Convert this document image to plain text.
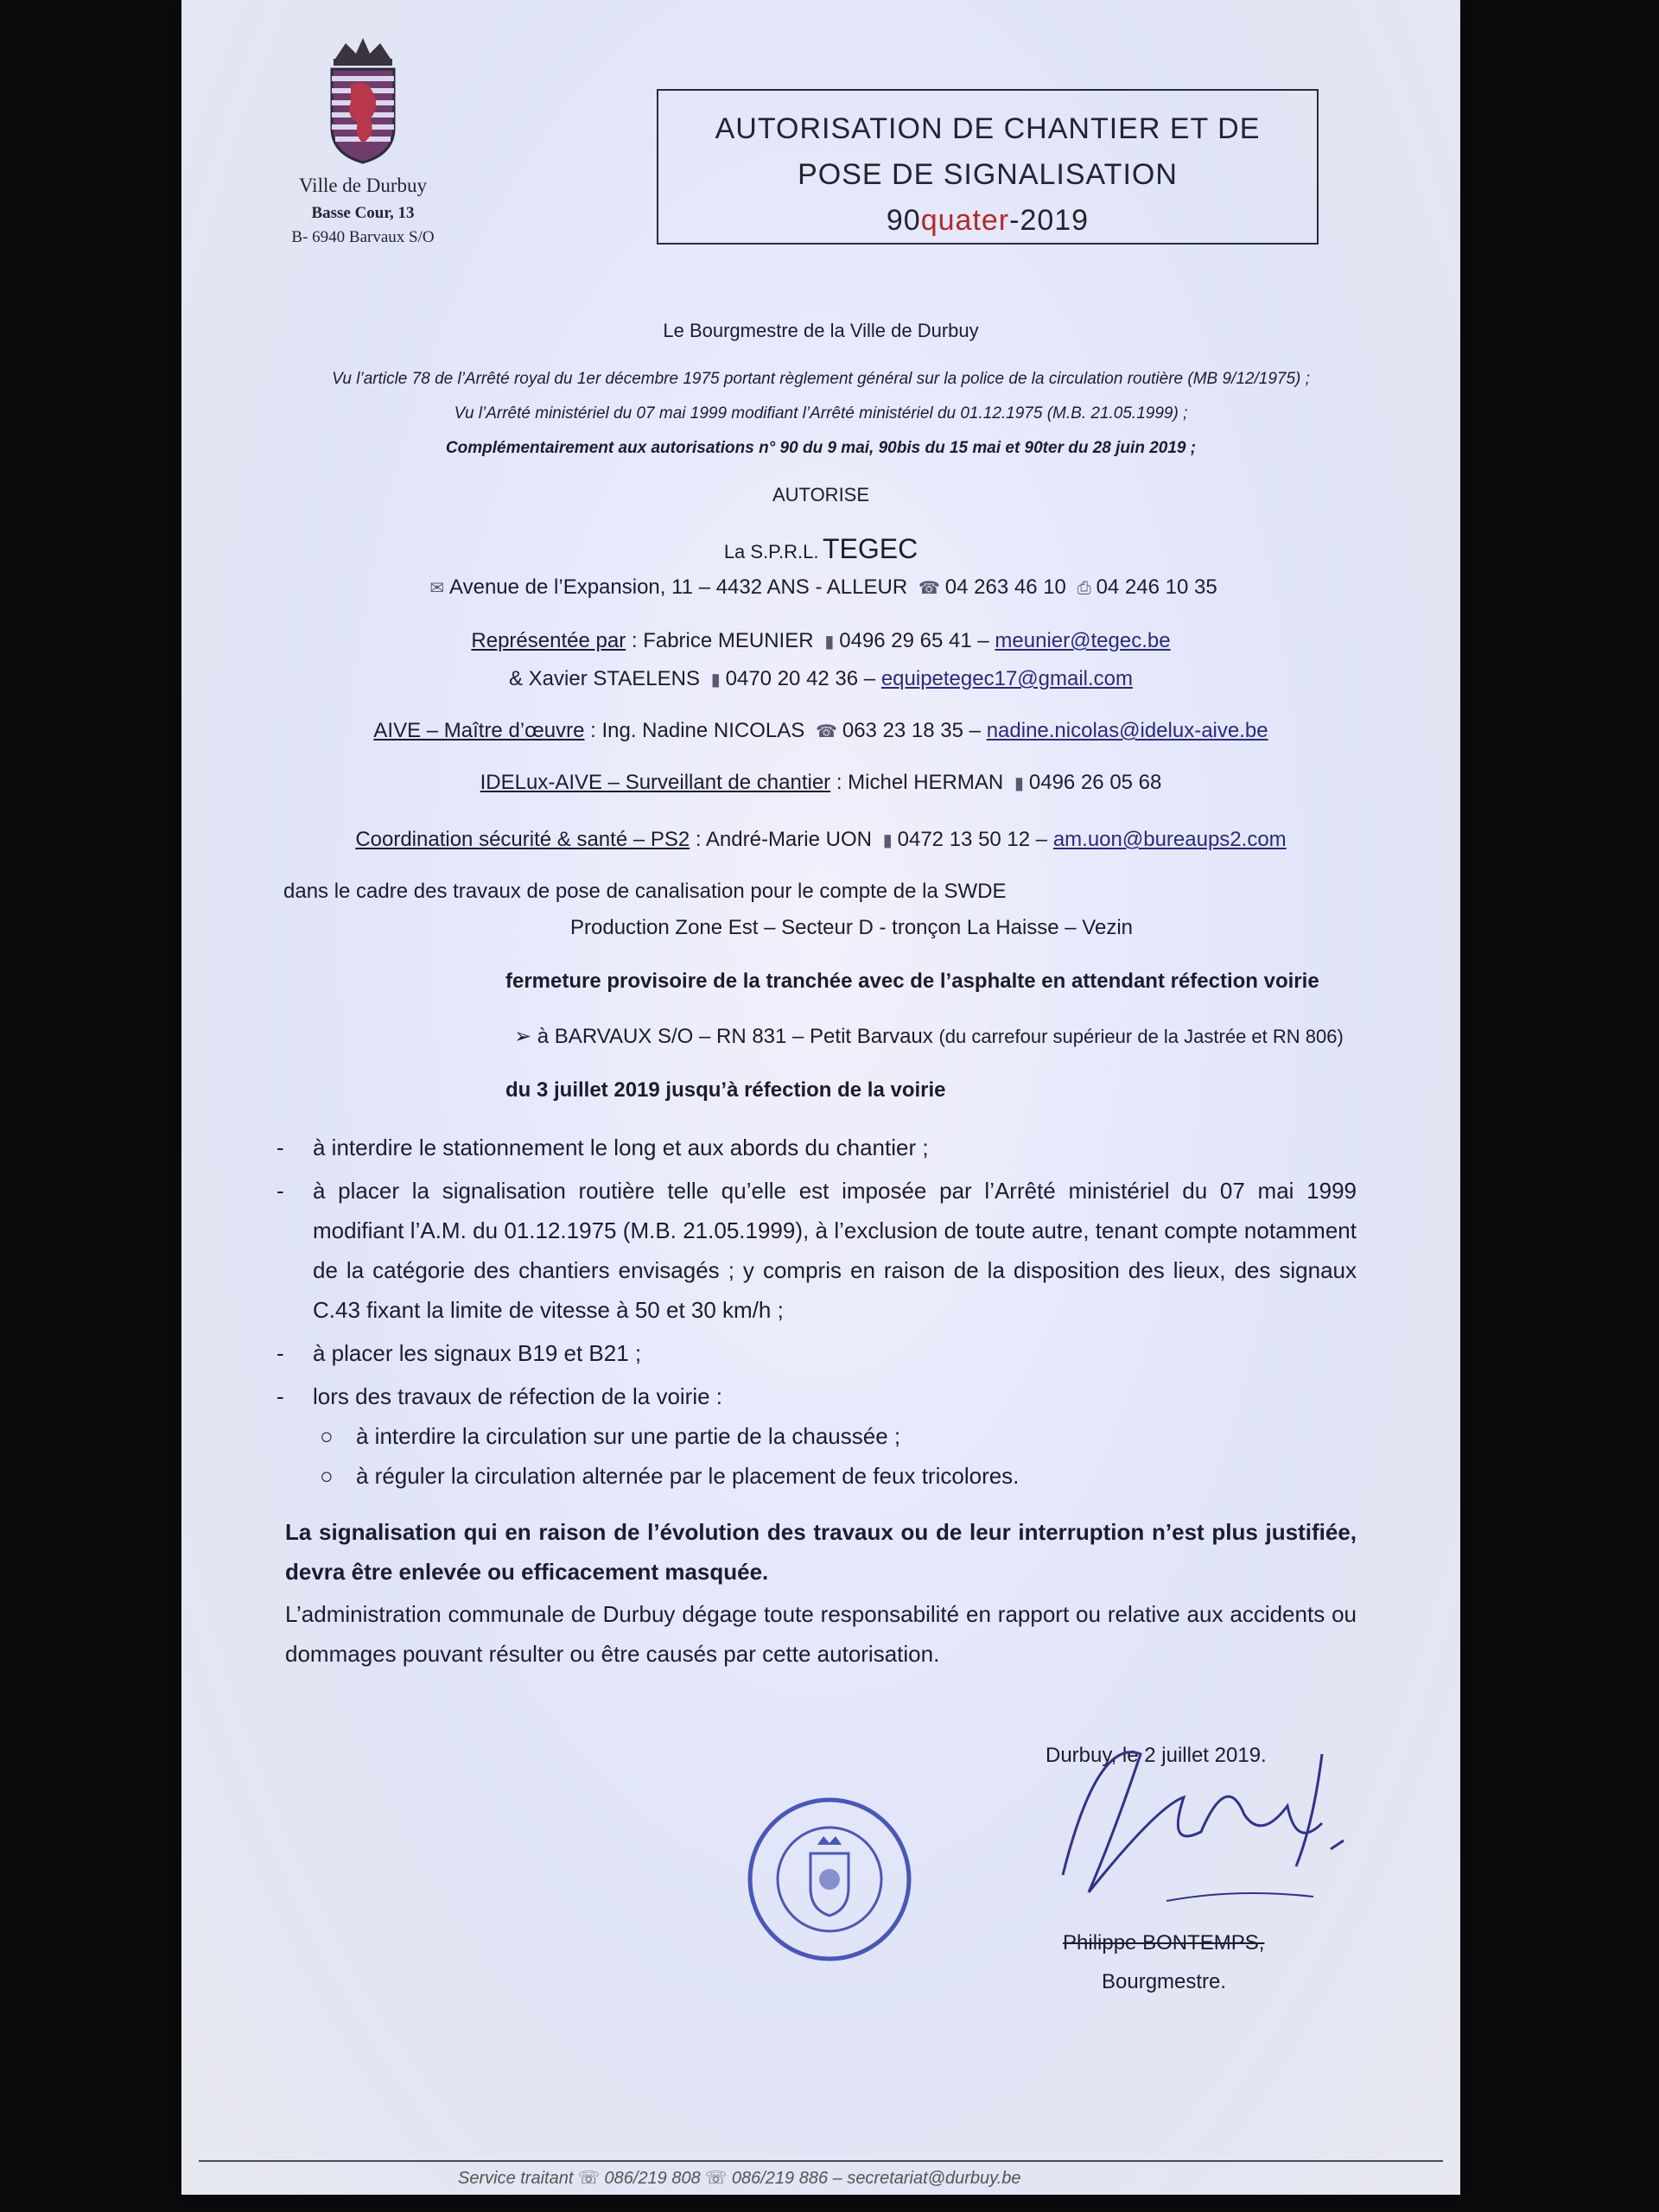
Ville de Durbuy
Basse Cour, 13
B- 6940 Barvaux S/O
AUTORISATION DE CHANTIER ET DE
POSE DE SIGNALISATION
90quater-2019
Le Bourgmestre de la Ville de Durbuy
Vu l’article 78 de l’Arrêté royal du 1er décembre 1975 portant règlement général sur la police de la circulation routière (MB 9/12/1975) ;
Vu l’Arrêté ministériel du 07 mai 1999 modifiant l’Arrêté ministériel du 01.12.1975 (M.B. 21.05.1999) ;
Complémentairement aux autorisations n° 90 du 9 mai, 90bis du 15 mai et 90ter du 28 juin 2019 ;
AUTORISE
La S.P.R.L. TEGEC
✉ Avenue de l’Expansion, 11 – 4432 ANS - ALLEUR ☎ 04 263 46 10 ⎙ 04 246 10 35
Représentée par : Fabrice MEUNIER ▮ 0496 29 65 41 – meunier@tegec.be
& Xavier STAELENS ▮ 0470 20 42 36 – equipetegec17@gmail.com
AIVE – Maître d’œuvre : Ing. Nadine NICOLAS ☎ 063 23 18 35 – nadine.nicolas@idelux-aive.be
IDELux-AIVE – Surveillant de chantier : Michel HERMAN ▮ 0496 26 05 68
Coordination sécurité & santé – PS2 : André-Marie UON ▮ 0472 13 50 12 – am.uon@bureaups2.com
dans le cadre des travaux de pose de canalisation pour le compte de la SWDE
Production Zone Est – Secteur D - tronçon La Haisse – Vezin
fermeture provisoire de la tranchée avec de l’asphalte en attendant réfection voirie
➢ à BARVAUX S/O – RN 831 – Petit Barvaux (du carrefour supérieur de la Jastrée et RN 806)
du 3 juillet 2019 jusqu’à réfection de la voirie
- à interdire le stationnement le long et aux abords du chantier ;
- à placer la signalisation routière telle qu’elle est imposée par l’Arrêté ministériel du 07 mai 1999 modifiant l’A.M. du 01.12.1975 (M.B. 21.05.1999), à l’exclusion de toute autre, tenant compte notamment de la catégorie des chantiers envisagés ; y compris en raison de la disposition des lieux, des signaux C.43 fixant la limite de vitesse à 50 et 30 km/h ;
- à placer les signaux B19 et B21 ;
- lors des travaux de réfection de la voirie :
○ à interdire la circulation sur une partie de la chaussée ;
○ à réguler la circulation alternée par le placement de feux tricolores.
La signalisation qui en raison de l’évolution des travaux ou de leur interruption n’est plus justifiée, devra être enlevée ou efficacement masquée.
L’administration communale de Durbuy dégage toute responsabilité en rapport ou relative aux accidents ou dommages pouvant résulter ou être causés par cette autorisation.
Durbuy, le 2 juillet 2019.
Philippe BONTEMPS,
Bourgmestre.
Service traitant ☏ 086/219 808 ☏ 086/219 886 – secretariat@durbuy.be
